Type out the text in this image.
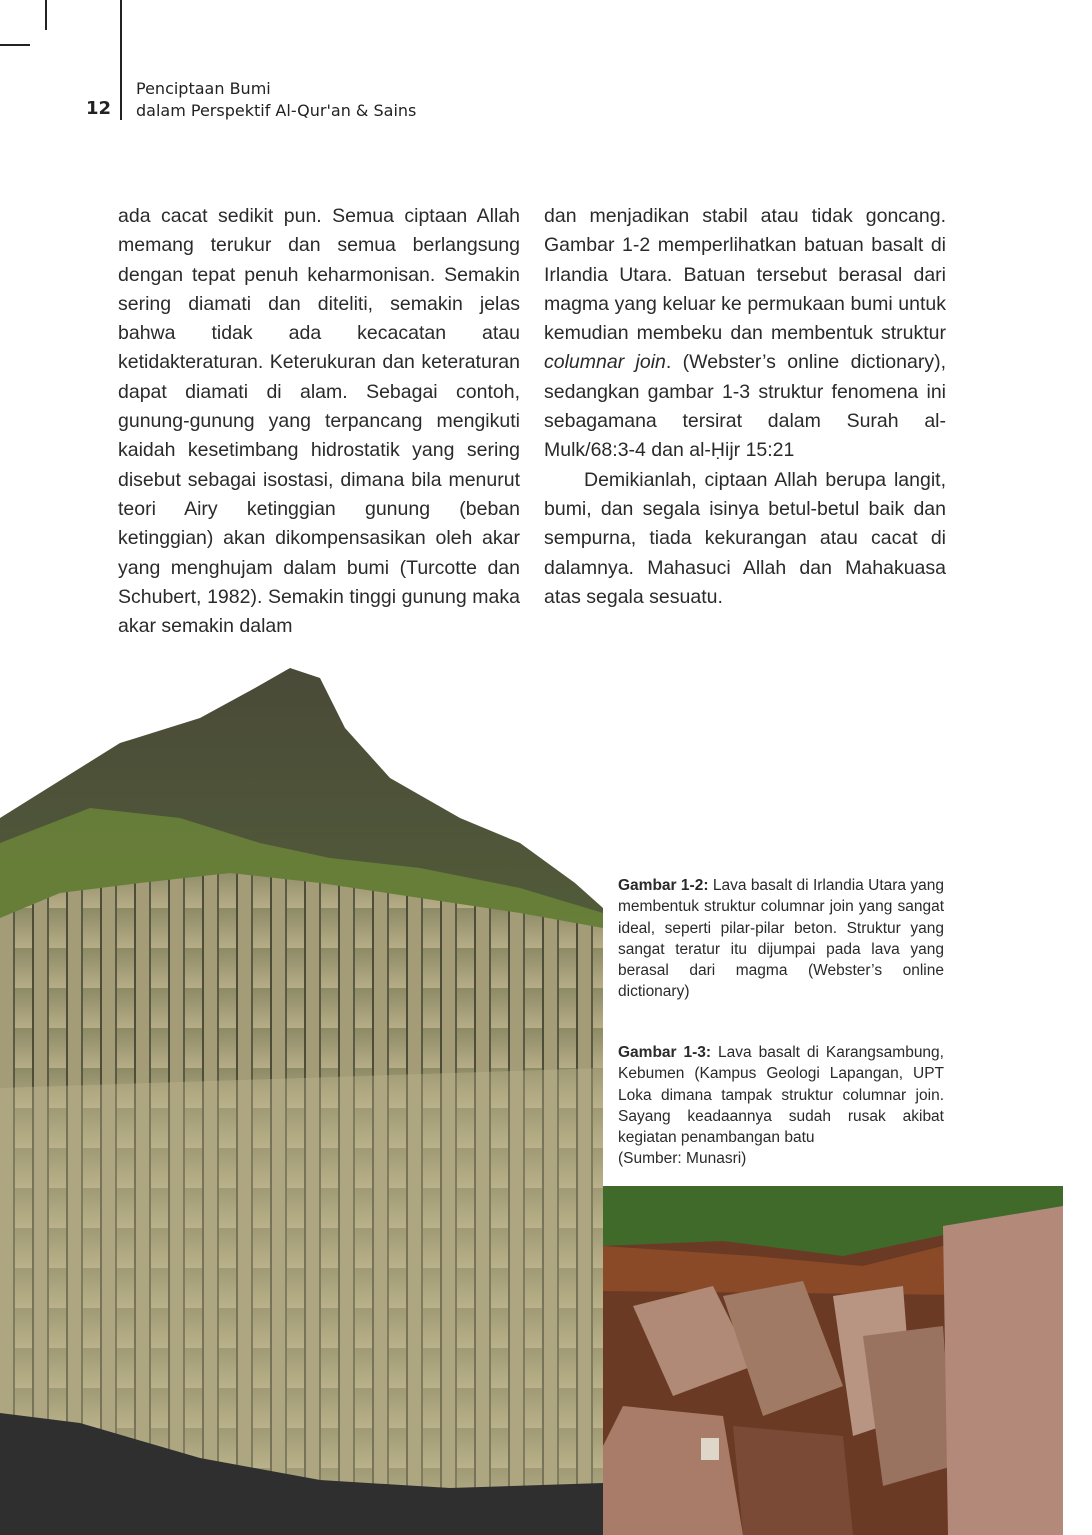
12
Penciptaan Bumi
dalam Perspektif Al-Qur'an & Sains

ada cacat sedikit pun. Semua ciptaan Allah memang terukur dan semua berlangsung dengan tepat penuh keharmonisan. Semakin sering diamati dan diteliti, semakin jelas bahwa tidak ada kecacatan atau ketidakteraturan. Keterukuran dan keteraturan dapat diamati di alam. Sebagai contoh, gunung-gunung yang terpancang mengikuti kaidah kesetimbang hidrostatik yang sering disebut sebagai isostasi, dimana bila menurut teori Airy ketinggian gunung (beban ketinggian) akan dikompensasikan oleh akar yang menghujam dalam bumi (Turcotte dan Schubert, 1982). Semakin tinggi gunung maka akar semakin dalam

dan menjadikan stabil atau tidak goncang. Gambar 1-2 memperlihatkan batuan basalt di Irlandia Utara. Batuan tersebut berasal dari magma yang keluar ke permukaan bumi untuk kemudian membeku dan membentuk struktur columnar join. (Webster’s online dictionary), sedangkan gambar 1-3 struktur fenomena ini sebagamana tersirat dalam Surah al-Mulk/68:3-4 dan al-Ḥijr 15:21

Demikianlah, ciptaan Allah berupa langit, bumi, dan segala isinya betul-betul baik dan sempurna, tiada kekurangan atau cacat di dalamnya. Mahasuci Allah dan Mahakuasa atas segala sesuatu.

Gambar 1-2: Lava basalt di Irlandia Utara yang membentuk struktur columnar join yang sangat ideal, seperti pilar-pilar beton. Struktur yang sangat teratur itu dijumpai pada lava yang berasal dari magma (Webster’s online dictionary)
Gambar 1-3: Lava basalt di Karangsambung, Kebumen (Kampus Geologi Lapangan, UPT Loka dimana tampak struktur columnar join. Sayang keadaannya sudah rusak akibat kegiatan penambangan batu
(Sumber: Munasri)
